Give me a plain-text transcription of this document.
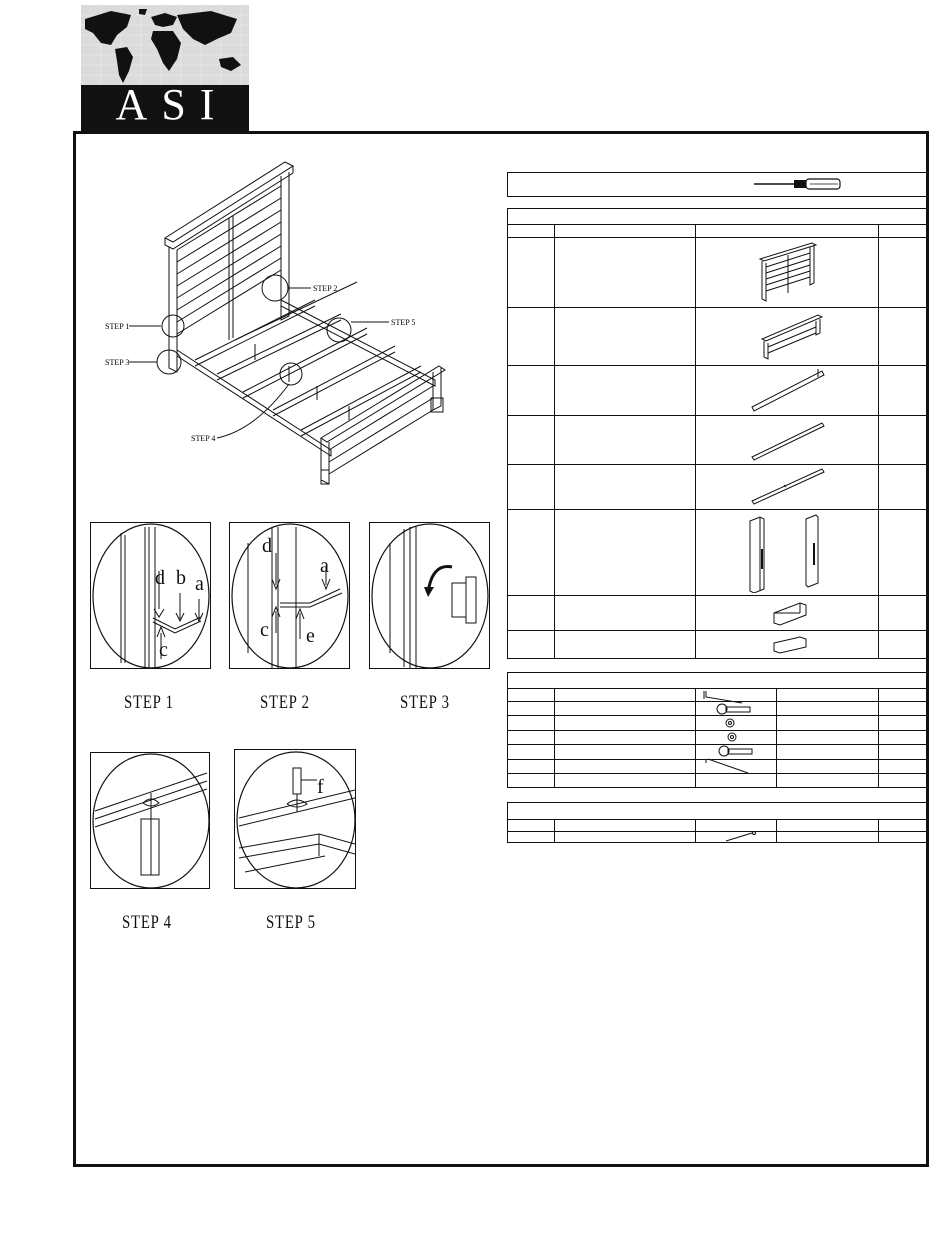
ASI
STEP 1
STEP 3
STEP 2
STEP 5
STEP 4
d b a
c
STEP 1
d
a
c e
STEP 2	STEP 3
STEP 4
f
STEP 5
